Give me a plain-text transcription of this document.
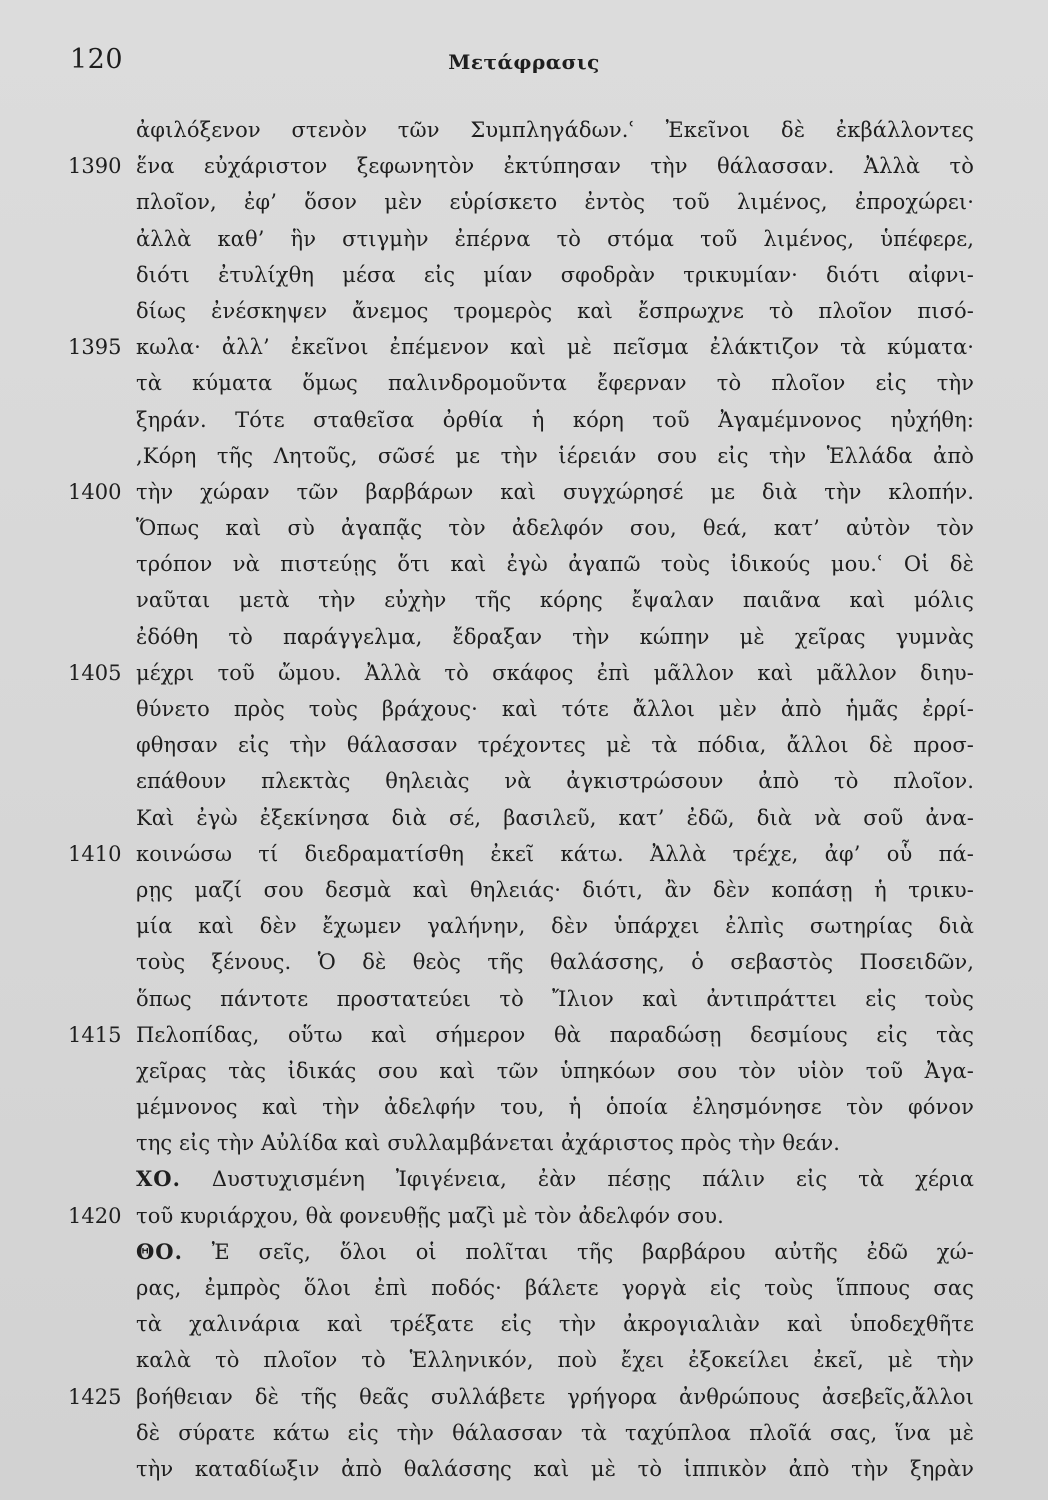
120	Μετάφρασις
ἀφιλόξενον στενὸν τῶν Συμπληγάδων.ʿ Ἐκεῖνοι δὲ ἐκβάλλοντες
1390 ἕνα εὐχάριστον ξεφωνητὸν ἐκτύπησαν τὴν θάλασσαν. Ἀλλὰ τὸ
πλοῖον, ἐφ’ ὅσον μὲν εὑρίσκετο ἐντὸς τοῦ λιμένος, ἐπροχώρει·
ἀλλὰ καθ’ ἣν στιγμὴν ἐπέρνα τὸ στόμα τοῦ λιμένος, ὑπέφερε,
διότι ἐτυλίχθη μέσα εἰς μίαν σφοδρὰν τρικυμίαν· διότι αἰφνι-
δίως ἐνέσκηψεν ἄνεμος τρομερὸς καὶ ἔσπρωχνε τὸ πλοῖον πισό-
1395 κωλα· ἀλλ’ ἐκεῖνοι ἐπέμενον καὶ μὲ πεῖσμα ἐλάκτιζον τὰ κύματα·
τὰ κύματα ὅμως παλινδρομοῦντα ἔφερναν τὸ πλοῖον εἰς τὴν
ξηράν. Τότε σταθεῖσα ὀρθία ἡ κόρη τοῦ Ἀγαμέμνονος ηὐχήθη:
,Κόρη τῆς Λητοῦς, σῶσέ με τὴν ἱέρειάν σου εἰς τὴν Ἑλλάδα ἀπὸ
1400 τὴν χώραν τῶν βαρβάρων καὶ συγχώρησέ με διὰ τὴν κλοπήν.
Ὅπως καὶ σὺ ἀγαπᾷς τὸν ἀδελφόν σου, θεά, κατ’ αὐτὸν τὸν
τρόπον νὰ πιστεύῃς ὅτι καὶ ἐγὼ ἀγαπῶ τοὺς ἰδικούς μου.ʿ Οἱ δὲ
ναῦται μετὰ τὴν εὐχὴν τῆς κόρης ἔψαλαν παιᾶνα καὶ μόλις
ἐδόθη τὸ παράγγελμα, ἔδραξαν τὴν κώπην μὲ χεῖρας γυμνὰς
1405 μέχρι τοῦ ὤμου. Ἀλλὰ τὸ σκάφος ἐπὶ μᾶλλον καὶ μᾶλλον διηυ-
θύνετο πρὸς τοὺς βράχους· καὶ τότε ἄλλοι μὲν ἀπὸ ἡμᾶς ἐρρί-
φθησαν εἰς τὴν θάλασσαν τρέχοντες μὲ τὰ πόδια, ἄλλοι δὲ προσ-
επάθουν πλεκτὰς θηλειὰς νὰ ἀγκιστρώσουν ἀπὸ τὸ πλοῖον.
Καὶ ἐγὼ ἐξεκίνησα διὰ σέ, βασιλεῦ, κατ’ ἐδῶ, διὰ νὰ σοῦ ἀνα-
1410 κοινώσω τί διεδραματίσθη ἐκεῖ κάτω. Ἀλλὰ τρέχε, ἀφ’ οὗ πά-
ρῃς μαζί σου δεσμὰ καὶ θηλειάς· διότι, ἂν δὲν κοπάσῃ ἡ τρικυ-
μία καὶ δὲν ἔχωμεν γαλήνην, δὲν ὑπάρχει ἐλπὶς σωτηρίας διὰ
τοὺς ξένους. Ὁ δὲ θεὸς τῆς θαλάσσης, ὁ σεβαστὸς Ποσειδῶν,
ὅπως πάντοτε προστατεύει τὸ Ἴλιον καὶ ἀντιπράττει εἰς τοὺς
1415 Πελοπίδας, οὕτω καὶ σήμερον θὰ παραδώσῃ δεσμίους εἰς τὰς
χεῖρας τὰς ἰδικάς σου καὶ τῶν ὑπηκόων σου τὸν υἱὸν τοῦ Ἀγα-
μέμνονος καὶ τὴν ἀδελφήν του, ἡ ὁποία ἐλησμόνησε τὸν φόνον
της εἰς τὴν Αὐλίδα καὶ συλλαμβάνεται ἀχάριστος πρὸς τὴν θεάν.
ΧΟ. Δυστυχισμένη Ἰφιγένεια, ἐὰν πέσῃς πάλιν εἰς τὰ χέρια
1420 τοῦ κυριάρχου, θὰ φονευθῇς μαζὶ μὲ τὸν ἀδελφόν σου.
ΘΟ. Ἐ σεῖς, ὅλοι οἱ πολῖται τῆς βαρβάρου αὐτῆς ἐδῶ χώ-
ρας, ἐμπρὸς ὅλοι ἐπὶ ποδός· βάλετε γοργὰ εἰς τοὺς ἵππους σας
τὰ χαλινάρια καὶ τρέξατε εἰς τὴν ἀκρογιαλιὰν καὶ ὑποδεχθῆτε
καλὰ τὸ πλοῖον τὸ Ἑλληνικόν, ποὺ ἔχει ἐξοκείλει ἐκεῖ, μὲ τὴν
1425 βοήθειαν δὲ τῆς θεᾶς συλλάβετε γρήγορα ἀνθρώπους ἀσεβεῖς,ἄλλοι
δὲ σύρατε κάτω εἰς τὴν θάλασσαν τὰ ταχύπλοα πλοῖά σας, ἵνα μὲ
τὴν καταδίωξιν ἀπὸ θαλάσσης καὶ μὲ τὸ ἱππικὸν ἀπὸ τὴν ξηρὰν
